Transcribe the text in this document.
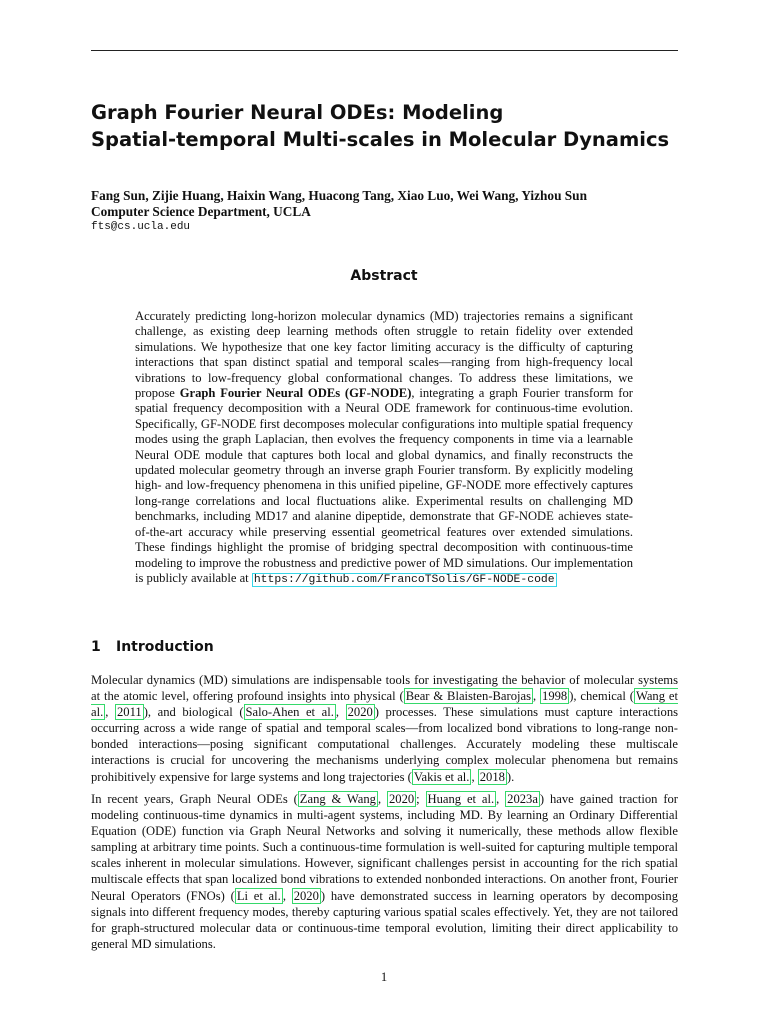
Graph Fourier Neural ODEs: Modeling
Spatial-temporal Multi-scales in Molecular Dynamics
Fang Sun, Zijie Huang, Haixin Wang, Huacong Tang, Xiao Luo, Wei Wang, Yizhou Sun
Computer Science Department, UCLA
fts@cs.ucla.edu
Abstract

Accurately predicting long-horizon molecular dynamics (MD) trajectories remains a significant challenge, as existing deep learning methods often struggle to retain fidelity over extended simulations. We hypothesize that one key factor limiting accuracy is the difficulty of capturing interactions that span distinct spatial and temporal scales—ranging from high-frequency local vibrations to low-frequency global conformational changes. To address these limitations, we propose Graph Fourier Neural ODEs (GF-NODE), integrating a graph Fourier transform for spatial frequency decomposition with a Neural ODE framework for continuous-time evolution. Specifically, GF-NODE first decomposes molecular configurations into multiple spatial frequency modes using the graph Laplacian, then evolves the frequency components in time via a learnable Neural ODE module that captures both local and global dynamics, and finally reconstructs the updated molecular geometry through an inverse graph Fourier transform. By explicitly modeling high- and low-frequency phenomena in this unified pipeline, GF-NODE more effectively captures long-range correlations and local fluctuations alike. Experimental results on challenging MD benchmarks, including MD17 and alanine dipeptide, demonstrate that GF-NODE achieves state-of-the-art accuracy while preserving essential geometrical features over extended simulations. These findings highlight the promise of bridging spectral decomposition with continuous-time modeling to improve the robustness and predictive power of MD simulations. Our implementation is publicly available at https://github.com/FrancoTSolis/GF-NODE-code

1 Introduction

Molecular dynamics (MD) simulations are indispensable tools for investigating the behavior of molecular systems at the atomic level, offering profound insights into physical ( Bear & Blaisten-Barojas , 1998 ), chemical ( Wang et al. , 2011 ), and biological ( Salo-Ahen et al. , 2020 ) processes. These simulations must capture interactions occurring across a wide range of spatial and temporal scales—from localized bond vibrations to long-range non-bonded interactions—posing significant computational challenges. Accurately modeling these multiscale interactions is crucial for uncovering the mechanisms underlying complex molecular phenomena but remains prohibitively expensive for large systems and long trajectories ( Vakis et al. , 2018 ).

In recent years, Graph Neural ODEs ( Zang & Wang , 2020 ; Huang et al. , 2023a ) have gained traction for modeling continuous-time dynamics in multi-agent systems, including MD. By learning an Ordinary Differential Equation (ODE) function via Graph Neural Networks and solving it numerically, these methods allow flexible sampling at arbitrary time points. Such a continuous-time formulation is well-suited for capturing multiple temporal scales inherent in molecular simulations. However, significant challenges persist in accounting for the rich spatial multiscale effects that span localized bond vibrations to extended nonbonded interactions. On another front, Fourier Neural Operators (FNOs) ( Li et al. , 2020 ) have demonstrated success in learning operators by decomposing signals into different frequency modes, thereby capturing various spatial scales effectively. Yet, they are not tailored for graph-structured molecular data or continuous-time temporal evolution, limiting their direct applicability to general MD simulations.

1
